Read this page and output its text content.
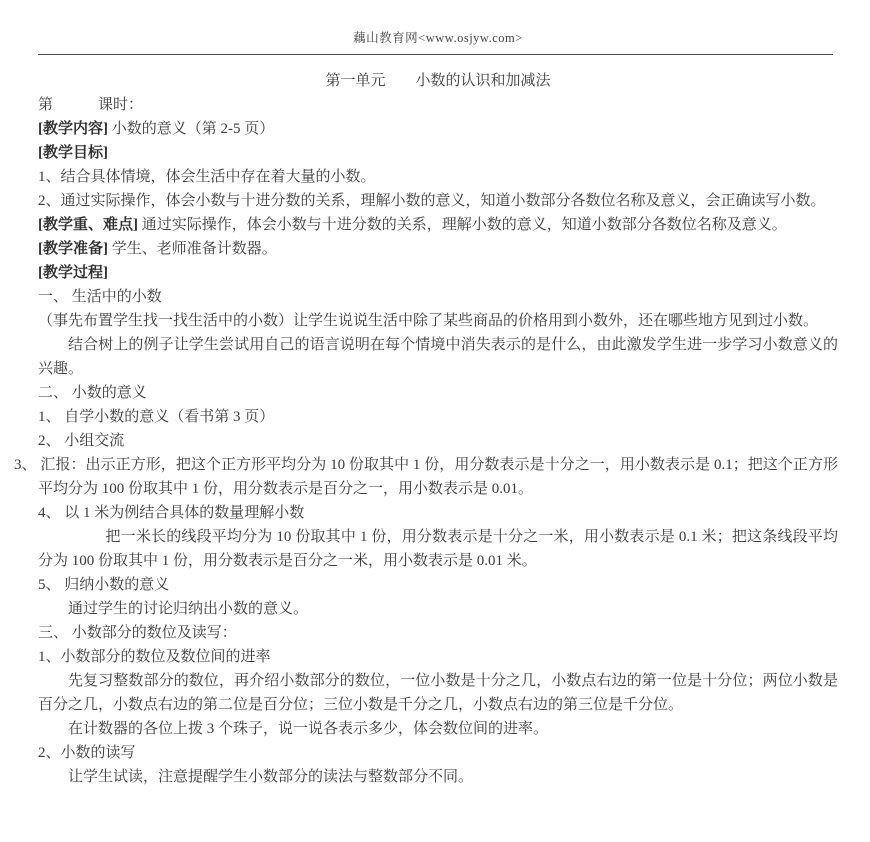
藕山教育网<www.osjyw.com>

第一单元　　小数的认识和加减法

第　　　课时：

[教学内容] 小数的意义（第 2-5 页）

[教学目标]

1、结合具体情境，体会生活中存在着大量的小数。

2、通过实际操作，体会小数与十进分数的关系，理解小数的意义，知道小数部分各数位名称及意义，会正确读写小数。

[教学重、难点] 通过实际操作，体会小数与十进分数的关系，理解小数的意义，知道小数部分各数位名称及意义。

[教学准备] 学生、老师准备计数器。

[教学过程]

一、 生活中的小数

（事先布置学生找一找生活中的小数）让学生说说生活中除了某些商品的价格用到小数外，还在哪些地方见到过小数。

结合树上的例子让学生尝试用自己的语言说明在每个情境中消失表示的是什么，由此激发学生进一步学习小数意义的兴趣。

二、 小数的意义

1、 自学小数的意义（看书第 3 页）

2、 小组交流

3、 汇报：出示正方形，把这个正方形平均分为 10 份取其中 1 份，用分数表示是十分之一，用小数表示是 0.1；把这个正方形平均分为 100 份取其中 1 份，用分数表示是百分之一，用小数表示是 0.01。

4、 以 1 米为例结合具体的数量理解小数

把一米长的线段平均分为 10 份取其中 1 份，用分数表示是十分之一米，用小数表示是 0.1 米；把这条线段平均分为 100 份取其中 1 份，用分数表示是百分之一米，用小数表示是 0.01 米。

5、 归纳小数的意义

通过学生的讨论归纳出小数的意义。

三、 小数部分的数位及读写：

1、小数部分的数位及数位间的进率

先复习整数部分的数位，再介绍小数部分的数位，一位小数是十分之几，小数点右边的第一位是十分位；两位小数是百分之几，小数点右边的第二位是百分位；三位小数是千分之几，小数点右边的第三位是千分位。

在计数器的各位上拨 3 个珠子，说一说各表示多少，体会数位间的进率。

2、小数的读写

让学生试读，注意提醒学生小数部分的读法与整数部分不同。
